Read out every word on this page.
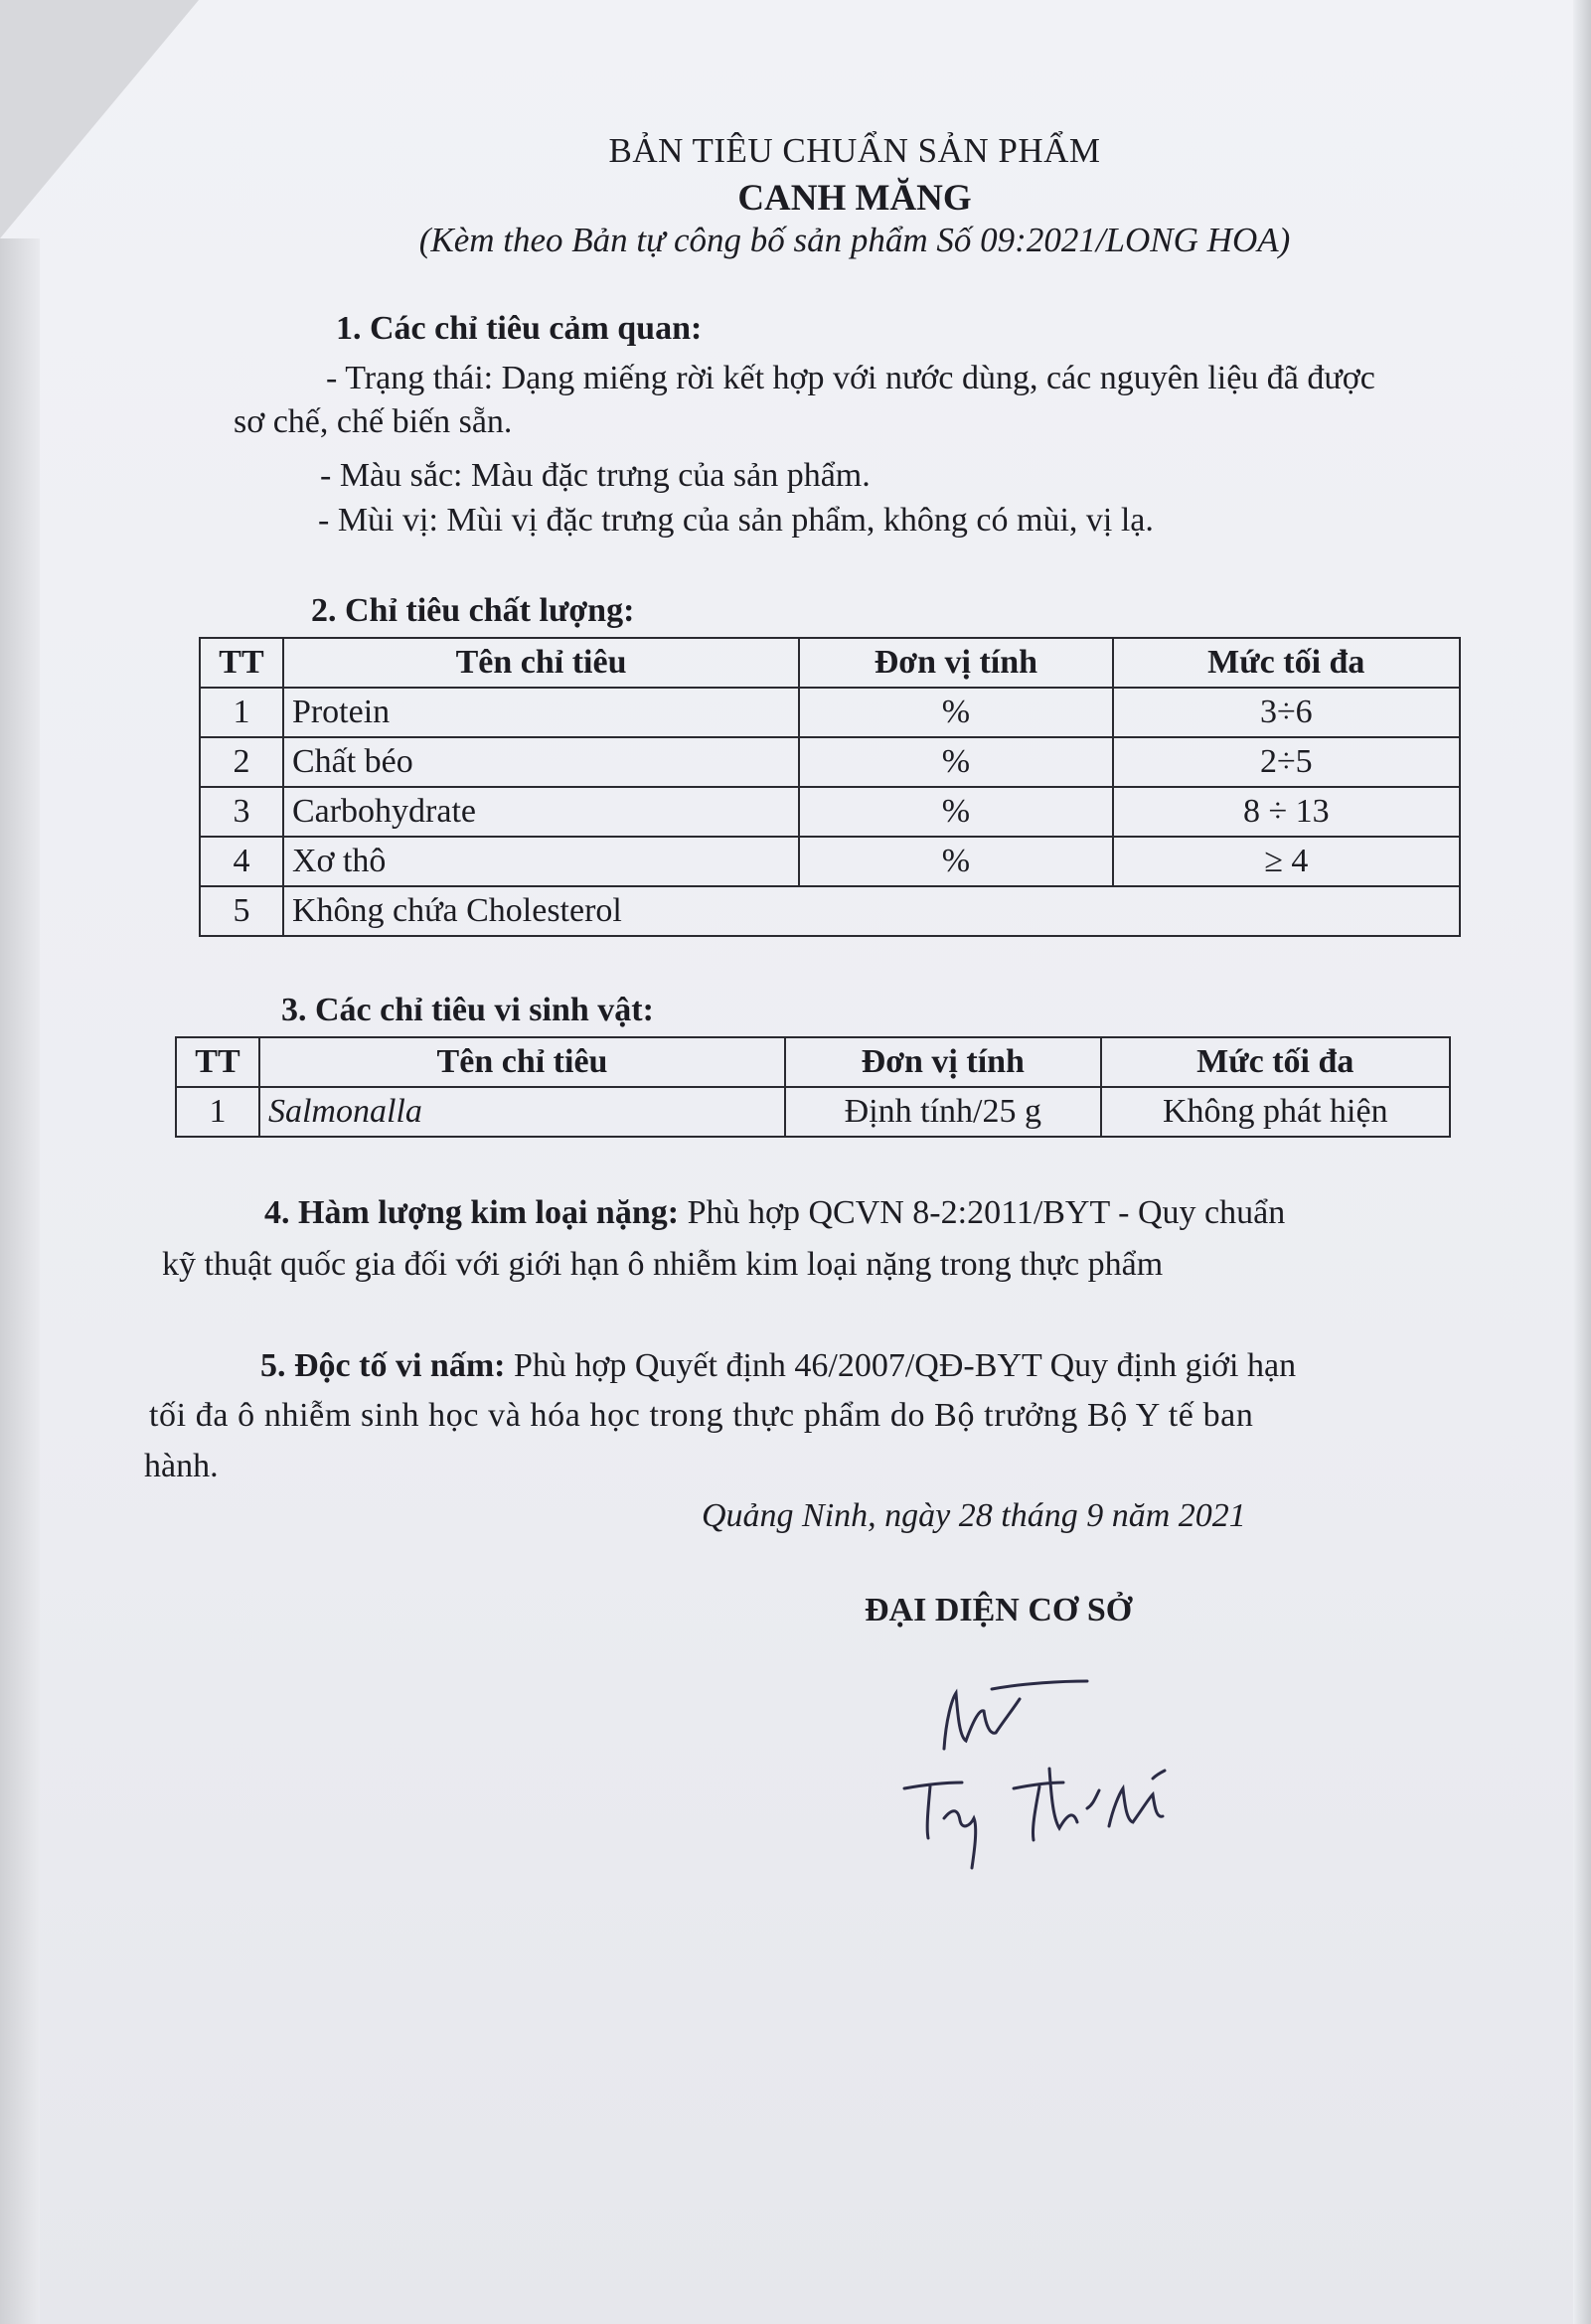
BẢN TIÊU CHUẨN SẢN PHẨM
CANH MĂNG
(Kèm theo Bản tự công bố sản phẩm Số 09:2021/LONG HOA)
1. Các chỉ tiêu cảm quan:
- Trạng thái: Dạng miếng rời kết hợp với nước dùng, các nguyên liệu đã được
sơ chế, chế biến sẵn.
- Màu sắc: Màu đặc trưng của sản phẩm.
- Mùi vị: Mùi vị đặc trưng của sản phẩm, không có mùi, vị lạ.
2. Chỉ tiêu chất lượng:
TT	Tên chỉ tiêu	Đơn vị tính	Mức tối đa
1	Protein	%	3÷6
2	Chất béo	%	2÷5
3	Carbohydrate	%	8 ÷ 13
4	Xơ thô	%	≥ 4
5	Không chứa Cholesterol		
3. Các chỉ tiêu vi sinh vật:
TT	Tên chỉ tiêu	Đơn vị tính	Mức tối đa
1	Salmonalla	Định tính/25 g	Không phát hiện
4. Hàm lượng kim loại nặng: Phù hợp QCVN 8-2:2011/BYT - Quy chuẩn
kỹ thuật quốc gia đối với giới hạn ô nhiễm kim loại nặng trong thực phẩm
5. Độc tố vi nấm: Phù hợp Quyết định 46/2007/QĐ-BYT Quy định giới hạn
tối đa ô nhiễm sinh học và hóa học trong thực phẩm do Bộ trưởng Bộ Y tế ban
hành.
Quảng Ninh, ngày 28 tháng 9 năm 2021
ĐẠI DIỆN CƠ SỞ
